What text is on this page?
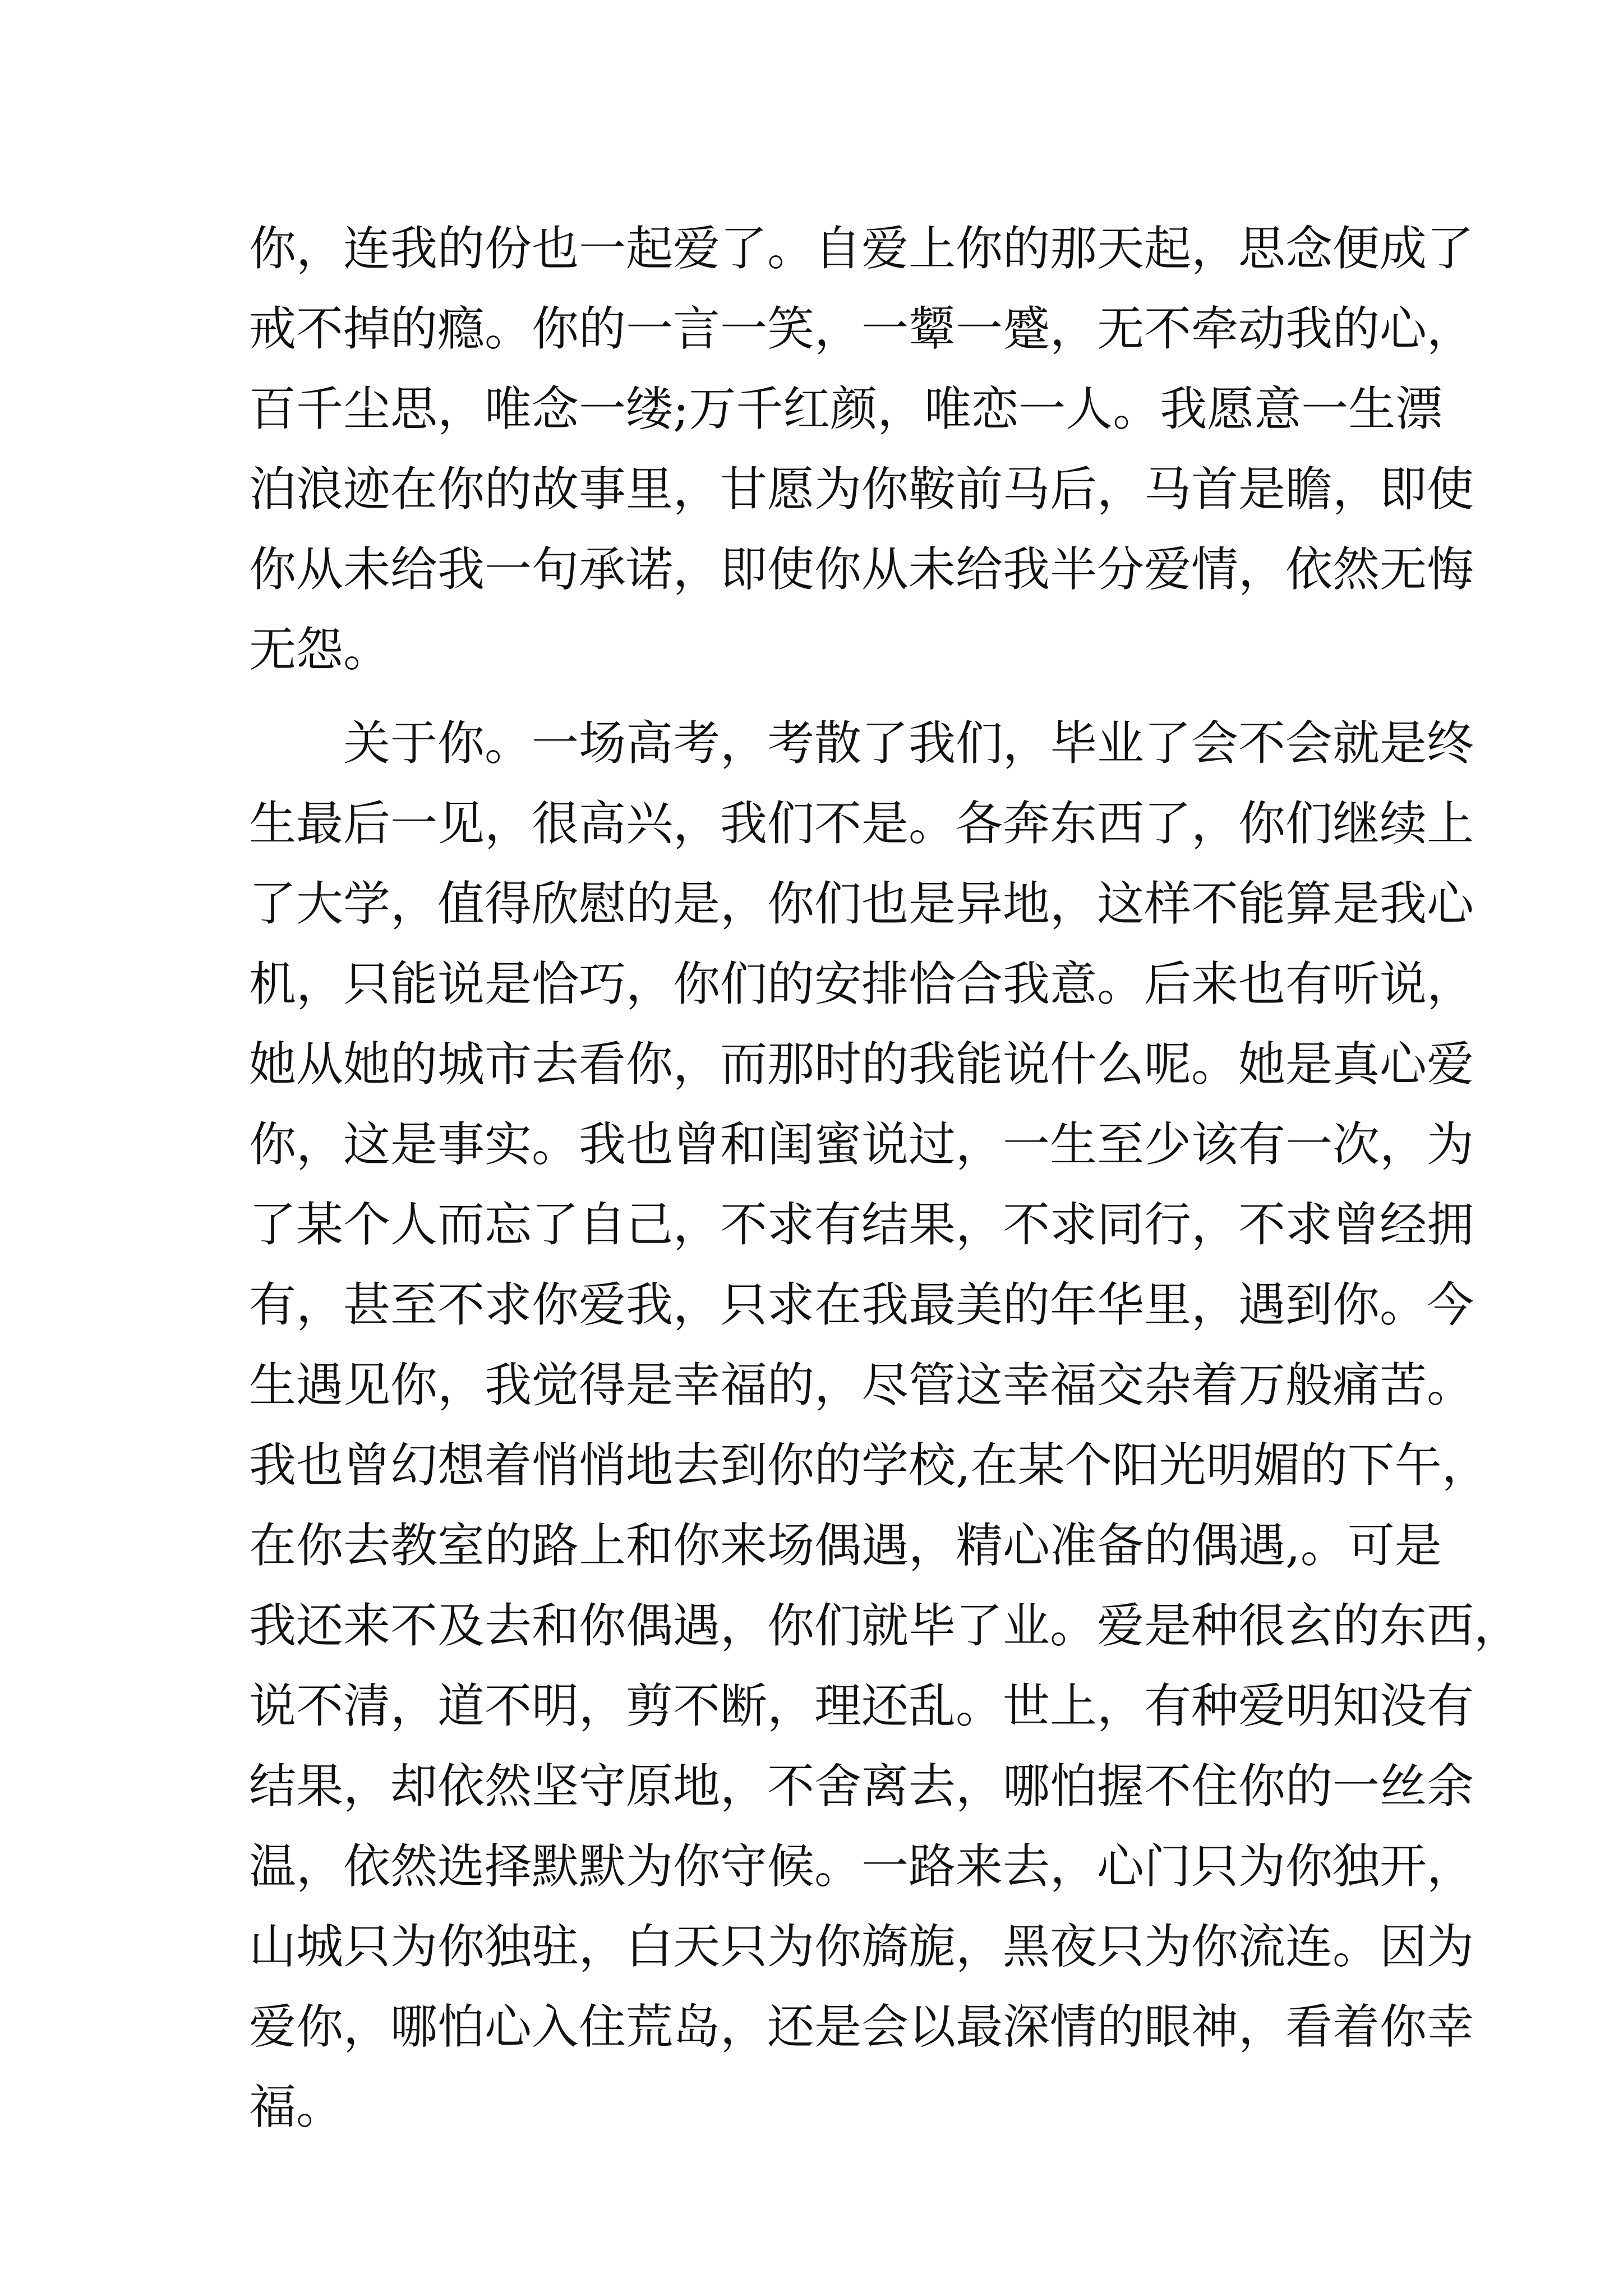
你，连我的份也一起爱了。自爱上你的那天起，思念便成了
戒不掉的瘾。你的一言一笑，一颦一蹙，无不牵动我的心，
百千尘思，唯念一缕;万千红颜，唯恋一人。我愿意一生漂
泊浪迹在你的故事里，甘愿为你鞍前马后，马首是瞻，即使
你从未给我一句承诺，即使你从未给我半分爱情，依然无悔
无怨。
关于你。一场高考，考散了我们，毕业了会不会就是终
生最后一见，很高兴，我们不是。各奔东西了，你们继续上
了大学，值得欣慰的是，你们也是异地，这样不能算是我心
机，只能说是恰巧，你们的安排恰合我意。后来也有听说，
她从她的城市去看你，而那时的我能说什么呢。她是真心爱
你，这是事实。我也曾和闺蜜说过，一生至少该有一次，为
了某个人而忘了自己，不求有结果，不求同行，不求曾经拥
有，甚至不求你爱我，只求在我最美的年华里，遇到你。今
生遇见你，我觉得是幸福的，尽管这幸福交杂着万般痛苦。
我也曾幻想着悄悄地去到你的学校,在某个阳光明媚的下午，
在你去教室的路上和你来场偶遇，精心准备的偶遇,。可是
我还来不及去和你偶遇，你们就毕了业。爱是种很玄的东西，
说不清，道不明，剪不断，理还乱。世上，有种爱明知没有
结果，却依然坚守原地，不舍离去，哪怕握不住你的一丝余
温，依然选择默默为你守候。一路来去，心门只为你独开，
山城只为你独驻，白天只为你旖旎，黑夜只为你流连。因为
爱你，哪怕心入住荒岛，还是会以最深情的眼神，看着你幸
福。
